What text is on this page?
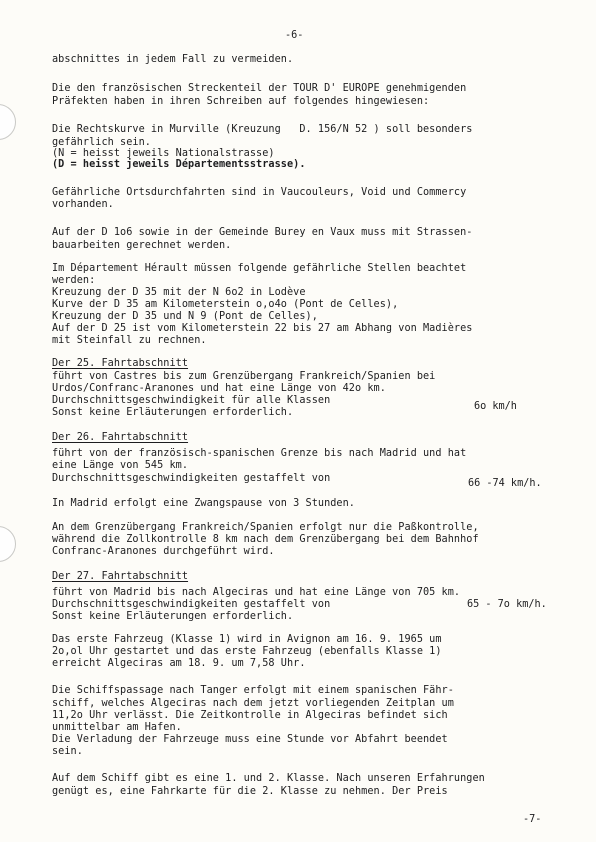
-6-
abschnittes in jedem Fall zu vermeiden.
Die den französischen Streckenteil der TOUR D' EUROPE genehmigenden
Präfekten haben in ihren Schreiben auf folgendes hingewiesen:
Die Rechtskurve in Murville (Kreuzung   D. 156/N 52 ) soll besonders
gefährlich sein.
(N = heisst jeweils Nationalstrasse)
(D = heisst jeweils Départementsstrasse).
Gefährliche Ortsdurchfahrten sind in Vaucouleurs, Void und Commercy
vorhanden.
Auf der D 1o6 sowie in der Gemeinde Burey en Vaux muss mit Strassen-
bauarbeiten gerechnet werden.
Im Département Hérault müssen folgende gefährliche Stellen beachtet
werden:
Kreuzung der D 35 mit der N 6o2 in Lodève
Kurve der D 35 am Kilometerstein o,o4o (Pont de Celles),
Kreuzung der D 35 und N 9 (Pont de Celles),
Auf der D 25 ist vom Kilometerstein 22 bis 27 am Abhang von Madières
mit Steinfall zu rechnen.
Der 25. Fahrtabschnitt
führt von Castres bis zum Grenzübergang Frankreich/Spanien bei
Urdos/Confranc-Aranones und hat eine Länge von 42o km.
Durchschnittsgeschwindigkeit für alle Klassen
6o km/h
Sonst keine Erläuterungen erforderlich.
Der 26. Fahrtabschnitt
führt von der französisch-spanischen Grenze bis nach Madrid und hat
eine Länge von 545 km.
Durchschnittsgeschwindigkeiten gestaffelt von	66 -74 km/h.
In Madrid erfolgt eine Zwangspause von 3 Stunden.
An dem Grenzübergang Frankreich/Spanien erfolgt nur die Paßkontrolle,
während die Zollkontrolle 8 km nach dem Grenzübergang bei dem Bahnhof
Confranc-Aranones durchgeführt wird.
Der 27. Fahrtabschnitt
führt von Madrid bis nach Algeciras und hat eine Länge von 705 km.
Durchschnittsgeschwindigkeiten gestaffelt von	65 - 7o km/h.
Sonst keine Erläuterungen erforderlich.
Das erste Fahrzeug (Klasse 1) wird in Avignon am 16. 9. 1965 um
2o,ol Uhr gestartet und das erste Fahrzeug (ebenfalls Klasse 1)
erreicht Algeciras am 18. 9. um 7,58 Uhr.
Die Schiffspassage nach Tanger erfolgt mit einem spanischen Fähr-
schiff, welches Algeciras nach dem jetzt vorliegenden Zeitplan um
11,2o Uhr verlässt. Die Zeitkontrolle in Algeciras befindet sich
unmittelbar am Hafen.
Die Verladung der Fahrzeuge muss eine Stunde vor Abfahrt beendet
sein.
Auf dem Schiff gibt es eine 1. und 2. Klasse. Nach unseren Erfahrungen
genügt es, eine Fahrkarte für die 2. Klasse zu nehmen. Der Preis
-7-
